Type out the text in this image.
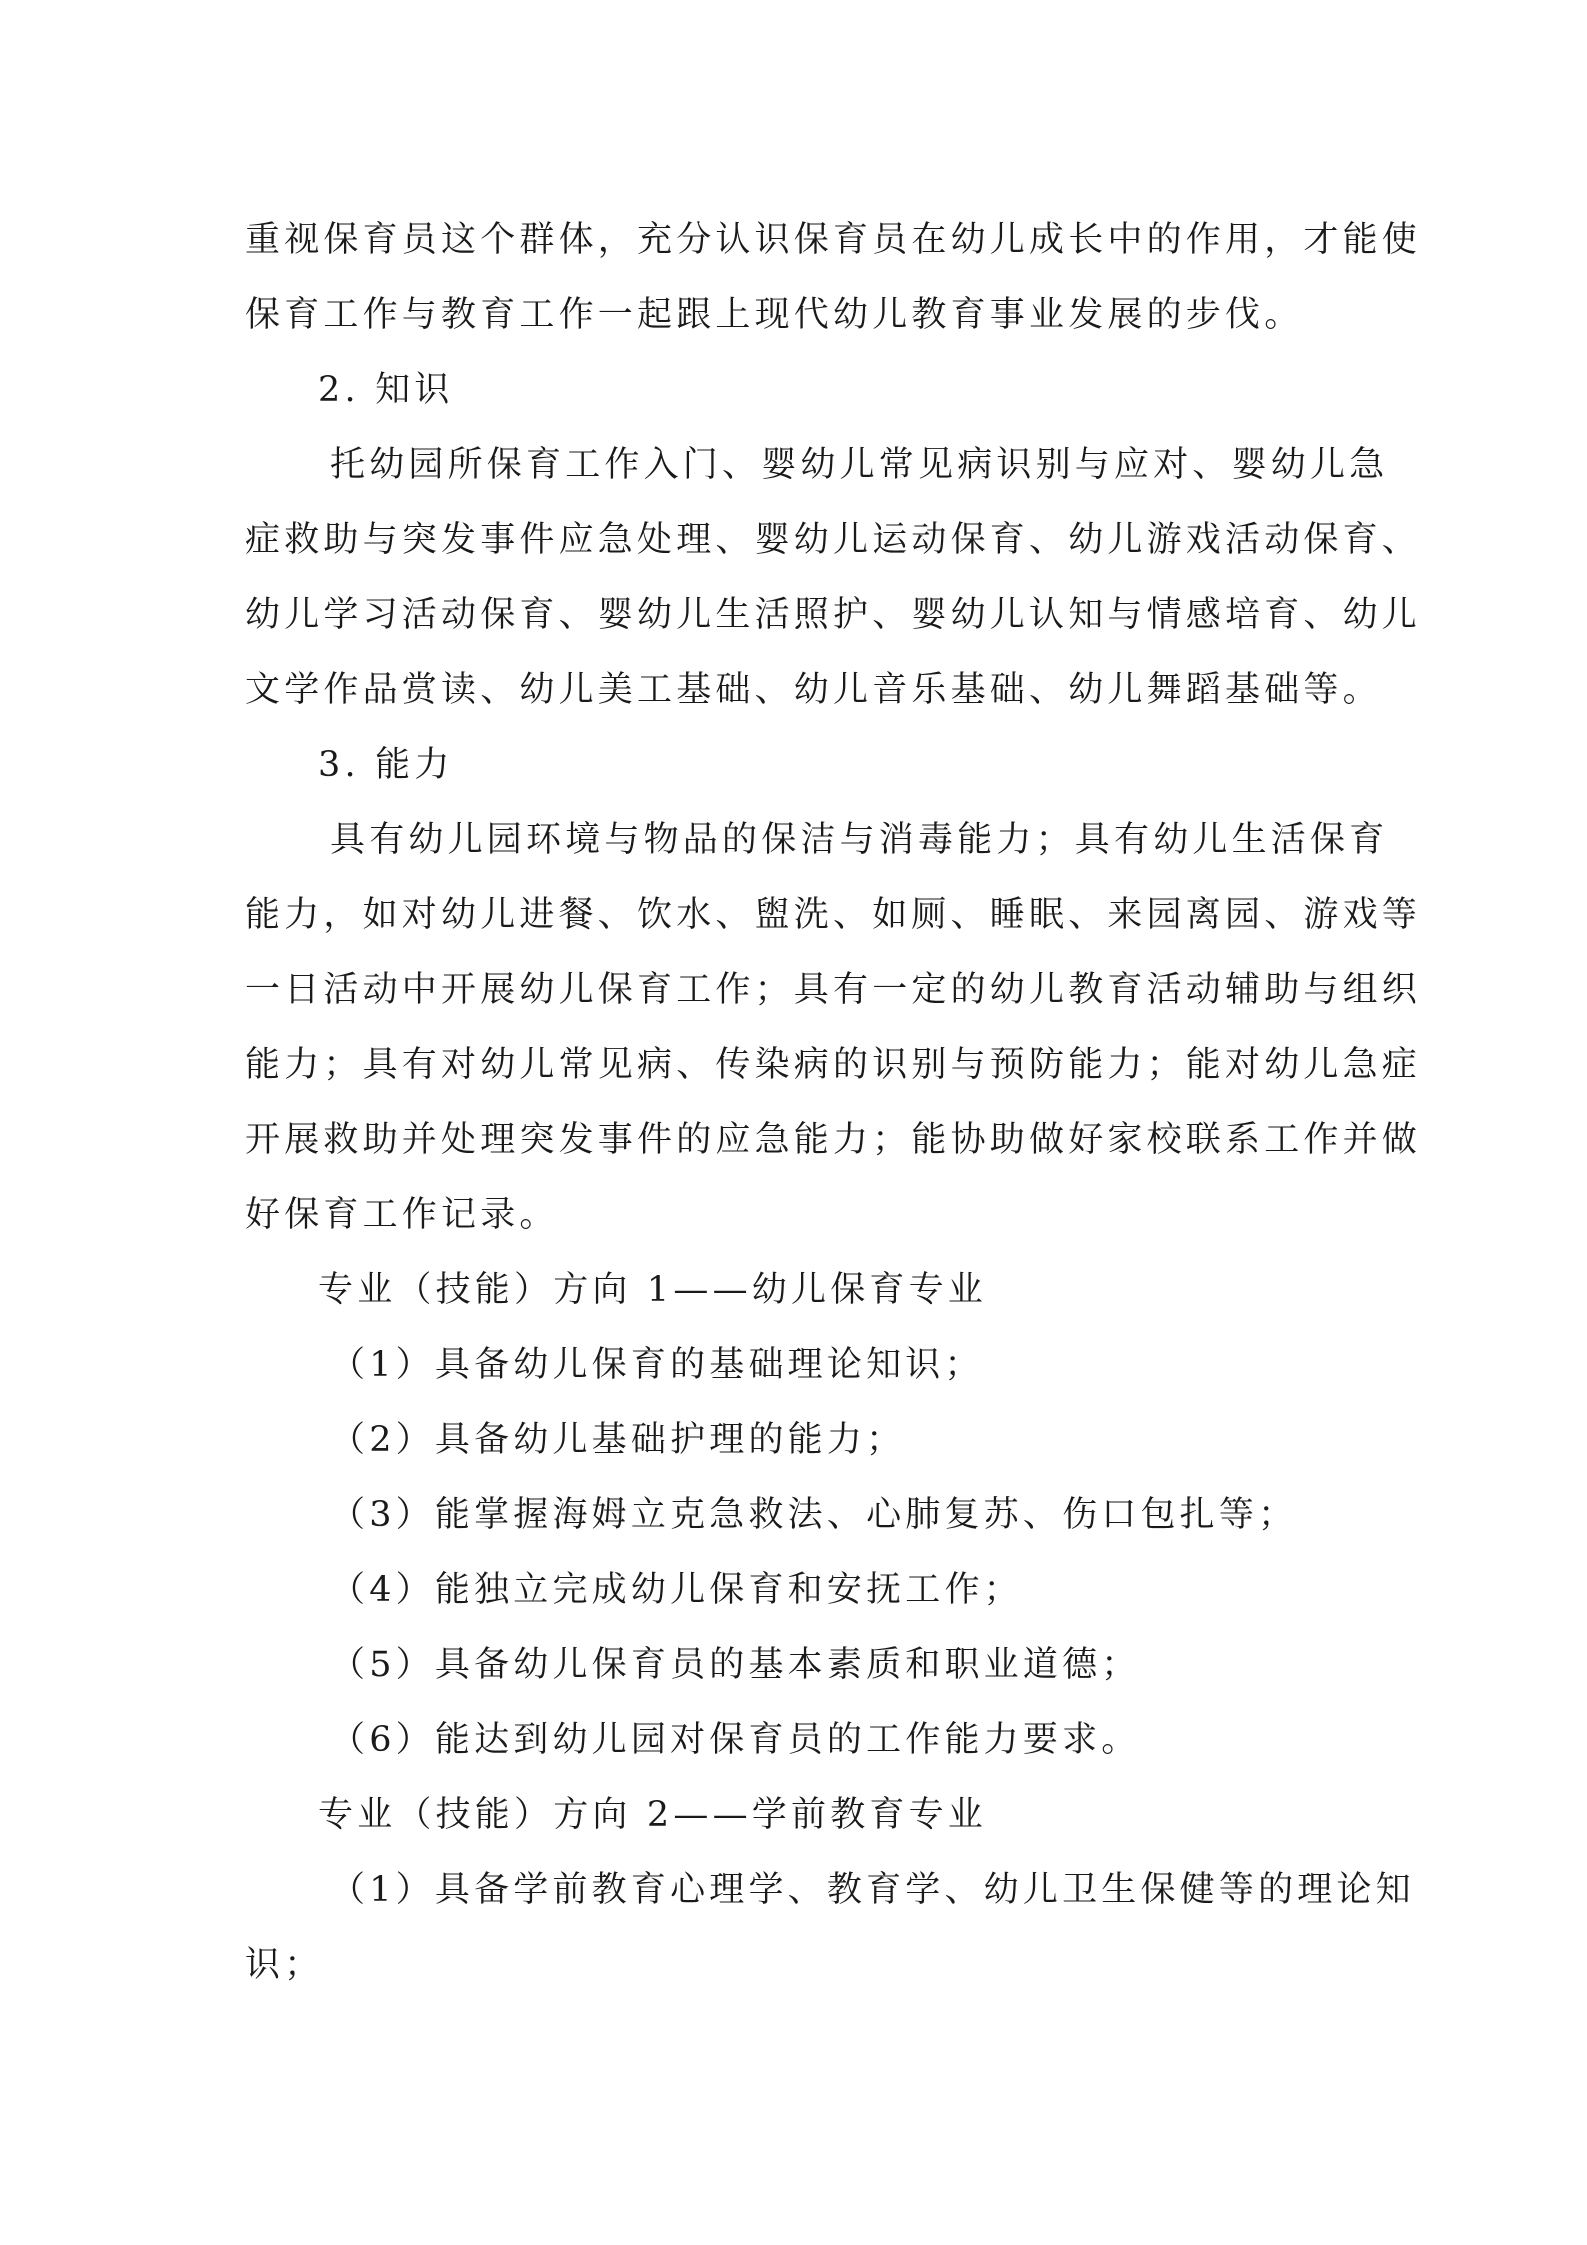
重视保育员这个群体，充分认识保育员在幼儿成长中的作用，才能使
保育工作与教育工作一起跟上现代幼儿教育事业发展的步伐。
2. 知识
托幼园所保育工作入门、婴幼儿常见病识别与应对、婴幼儿急
症救助与突发事件应急处理、婴幼儿运动保育、幼儿游戏活动保育、
幼儿学习活动保育、婴幼儿生活照护、婴幼儿认知与情感培育、幼儿
文学作品赏读、幼儿美工基础、幼儿音乐基础、幼儿舞蹈基础等。
3. 能力
具有幼儿园环境与物品的保洁与消毒能力；具有幼儿生活保育
能力，如对幼儿进餐、饮水、盥洗、如厕、睡眠、来园离园、游戏等
一日活动中开展幼儿保育工作；具有一定的幼儿教育活动辅助与组织
能力；具有对幼儿常见病、传染病的识别与预防能力；能对幼儿急症
开展救助并处理突发事件的应急能力；能协助做好家校联系工作并做
好保育工作记录。
专业（技能）方向 1——幼儿保育专业
（1）具备幼儿保育的基础理论知识；
（2）具备幼儿基础护理的能力；
（3）能掌握海姆立克急救法、心肺复苏、伤口包扎等；
（4）能独立完成幼儿保育和安抚工作；
（5）具备幼儿保育员的基本素质和职业道德；
（6）能达到幼儿园对保育员的工作能力要求。
专业（技能）方向 2——学前教育专业
（1）具备学前教育心理学、教育学、幼儿卫生保健等的理论知
识；
